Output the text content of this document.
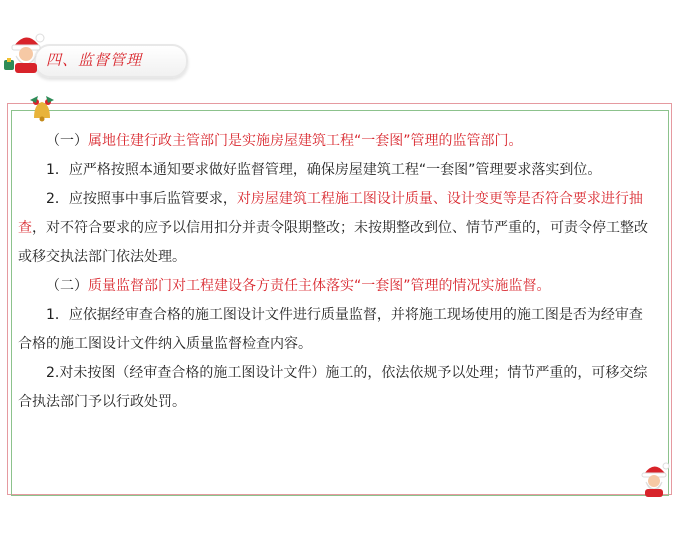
四、监督管理

（一）属地住建行政主管部门是实施房屋建筑工程“一套图”管理的监管部门。

1．应严格按照本通知要求做好监督管理，确保房屋建筑工程“一套图”管理要求落实到位。

2．应按照事中事后监管要求，对房屋建筑工程施工图设计质量、设计变更等是否符合要求进行抽查，对不符合要求的应予以信用扣分并责令限期整改；未按期整改到位、情节严重的，可责令停工整改或移交执法部门依法处理。

（二）质量监督部门对工程建设各方责任主体落实“一套图”管理的情况实施监督。

1．应依据经审查合格的施工图设计文件进行质量监督，并将施工现场使用的施工图是否为经审查合格的施工图设计文件纳入质量监督检查内容。

2.对未按图（经审查合格的施工图设计文件）施工的，依法依规予以处理；情节严重的，可移交综合执法部门予以行政处罚。
